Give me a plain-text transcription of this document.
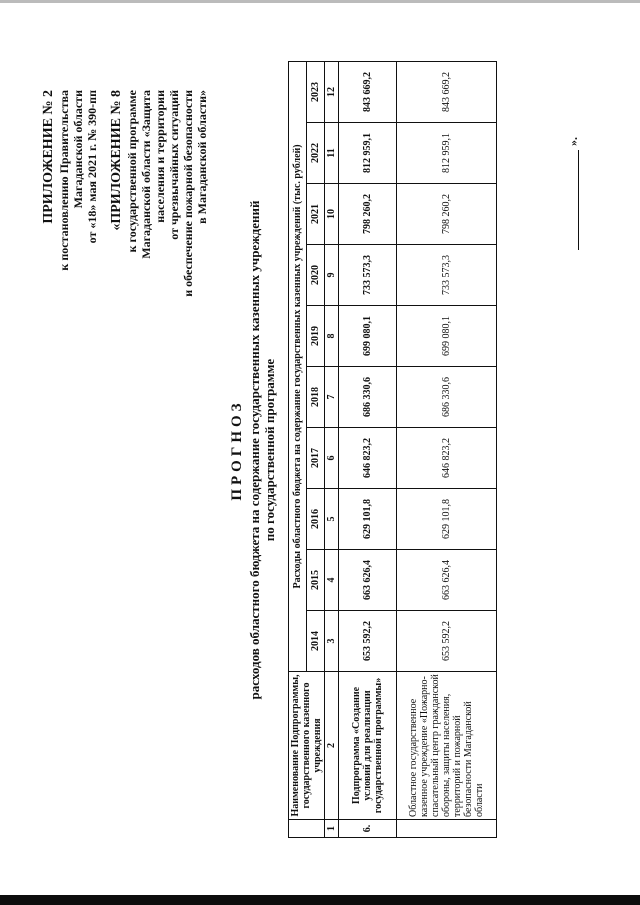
ПРИЛОЖЕНИЕ № 2 к постановлению Правительства Магаданской области от «18» мая 2021 г. № 390-пп «ПРИЛОЖЕНИЕ № 8 к государственной программе Магаданской области «Защита населения и территории от чрезвычайных ситуаций и обеспечение пожарной безопасности в Магаданской области»
ПРОГНОЗ расходов областного бюджета на содержание государственных казенных учреждений по государственной программе
	Наименование Подпрограммы, государственного казенного учреждения	Расходы областного бюджета на содержание государственных казенных учреждений (тыс. рублей)									
		2014	2015	2016	2017	2018	2019	2020	2021	2022	2023
1	2	3	4	5	6	7	8	9	10	11	12
6.	Подпрограмма «Создание условий для реализации государственной программы»	653 592,2	663 626,4	629 101,8	646 823,2	686 330,6	699 080,1	733 573,3	798 260,2	812 959,1	843 669,2
	Областное государственное казенное учреждение «Пожарно-спасательный центр гражданской обороны, защиты населения, территорий и пожарной безопасности Магаданской области	653 592,2	663 626,4	629 101,8	646 823,2	686 330,6	699 080,1	733 573,3	798 260,2	812 959,1	843 669,2
».
